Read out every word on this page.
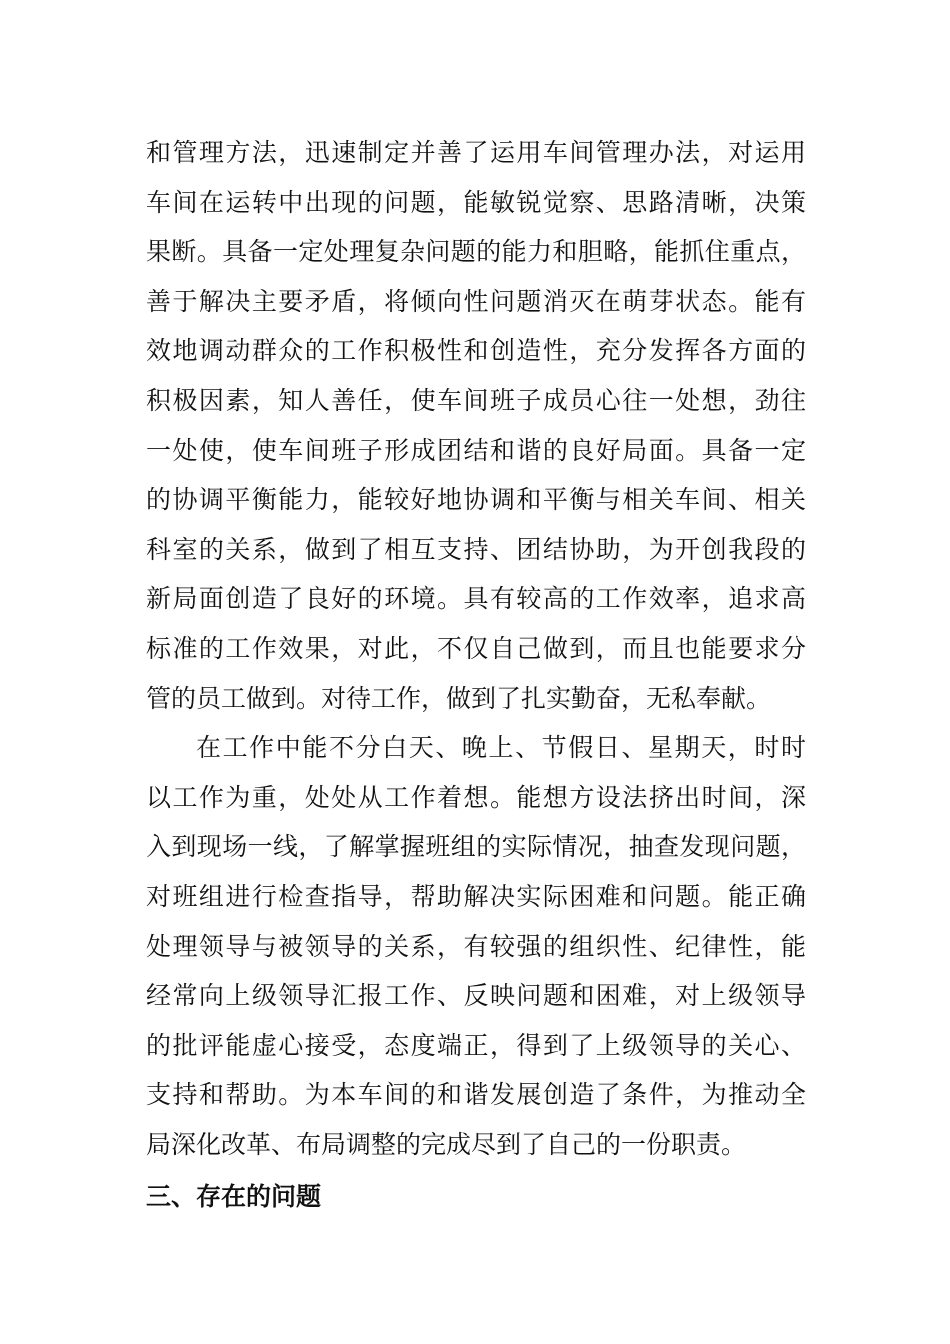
和管理方法，迅速制定并善了运用车间管理办法，对运用
车间在运转中出现的问题，能敏锐觉察、思路清晰，决策
果断。具备一定处理复杂问题的能力和胆略，能抓住重点，
善于解决主要矛盾，将倾向性问题消灭在萌芽状态。能有
效地调动群众的工作积极性和创造性，充分发挥各方面的
积极因素，知人善任，使车间班子成员心往一处想，劲往
一处使，使车间班子形成团结和谐的良好局面。具备一定
的协调平衡能力，能较好地协调和平衡与相关车间、相关
科室的关系，做到了相互支持、团结协助，为开创我段的
新局面创造了良好的环境。具有较高的工作效率，追求高
标准的工作效果，对此，不仅自己做到，而且也能要求分
管的员工做到。对待工作，做到了扎实勤奋，无私奉献。
在工作中能不分白天、晚上、节假日、星期天，时时
以工作为重，处处从工作着想。能想方设法挤出时间，深
入到现场一线，了解掌握班组的实际情况，抽查发现问题，
对班组进行检查指导，帮助解决实际困难和问题。能正确
处理领导与被领导的关系，有较强的组织性、纪律性，能
经常向上级领导汇报工作、反映问题和困难，对上级领导
的批评能虚心接受，态度端正，得到了上级领导的关心、
支持和帮助。为本车间的和谐发展创造了条件，为推动全
局深化改革、布局调整的完成尽到了自己的一份职责。
三、存在的问题
